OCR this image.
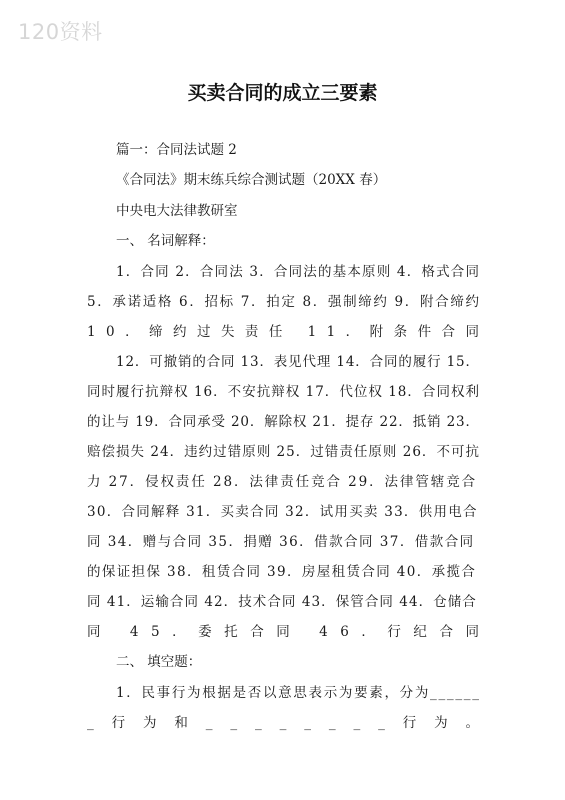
120资料
买卖合同的成立三要素
篇一：合同法试题 2
《合同法》期末练兵综合测试题（20XX 春）
中央电大法律教研室
一、 名词解释：
1．合同 2．合同法 3．合同法的基本原则 4．格式合同
5．承诺适格 6．招标 7．拍定 8．强制缔约 9．附合缔约
10．缔约过失责任 11．附条件合同
12．可撤销的合同 13．表见代理 14．合同的履行 15．
同时履行抗辩权 16．不安抗辩权 17．代位权 18．合同权利
的让与 19．合同承受 20．解除权 21．提存 22．抵销 23．
赔偿损失 24．违约过错原则 25．过错责任原则 26．不可抗
力 27．侵权责任 28．法律责任竞合 29．法律管辖竞合
30．合同解释 31．买卖合同 32．试用买卖 33．供用电合
同 34．赠与合同 35．捐赠 36．借款合同 37．借款合同
的保证担保 38．租赁合同 39．房屋租赁合同 40．承揽合
同 41．运输合同 42．技术合同 43．保管合同 44．仓储合
同 45．委托合同 46．行纪合同
二、 填空题：
1．民事行为根据是否以意思表示为要素，分为______
_行为和________行为。
